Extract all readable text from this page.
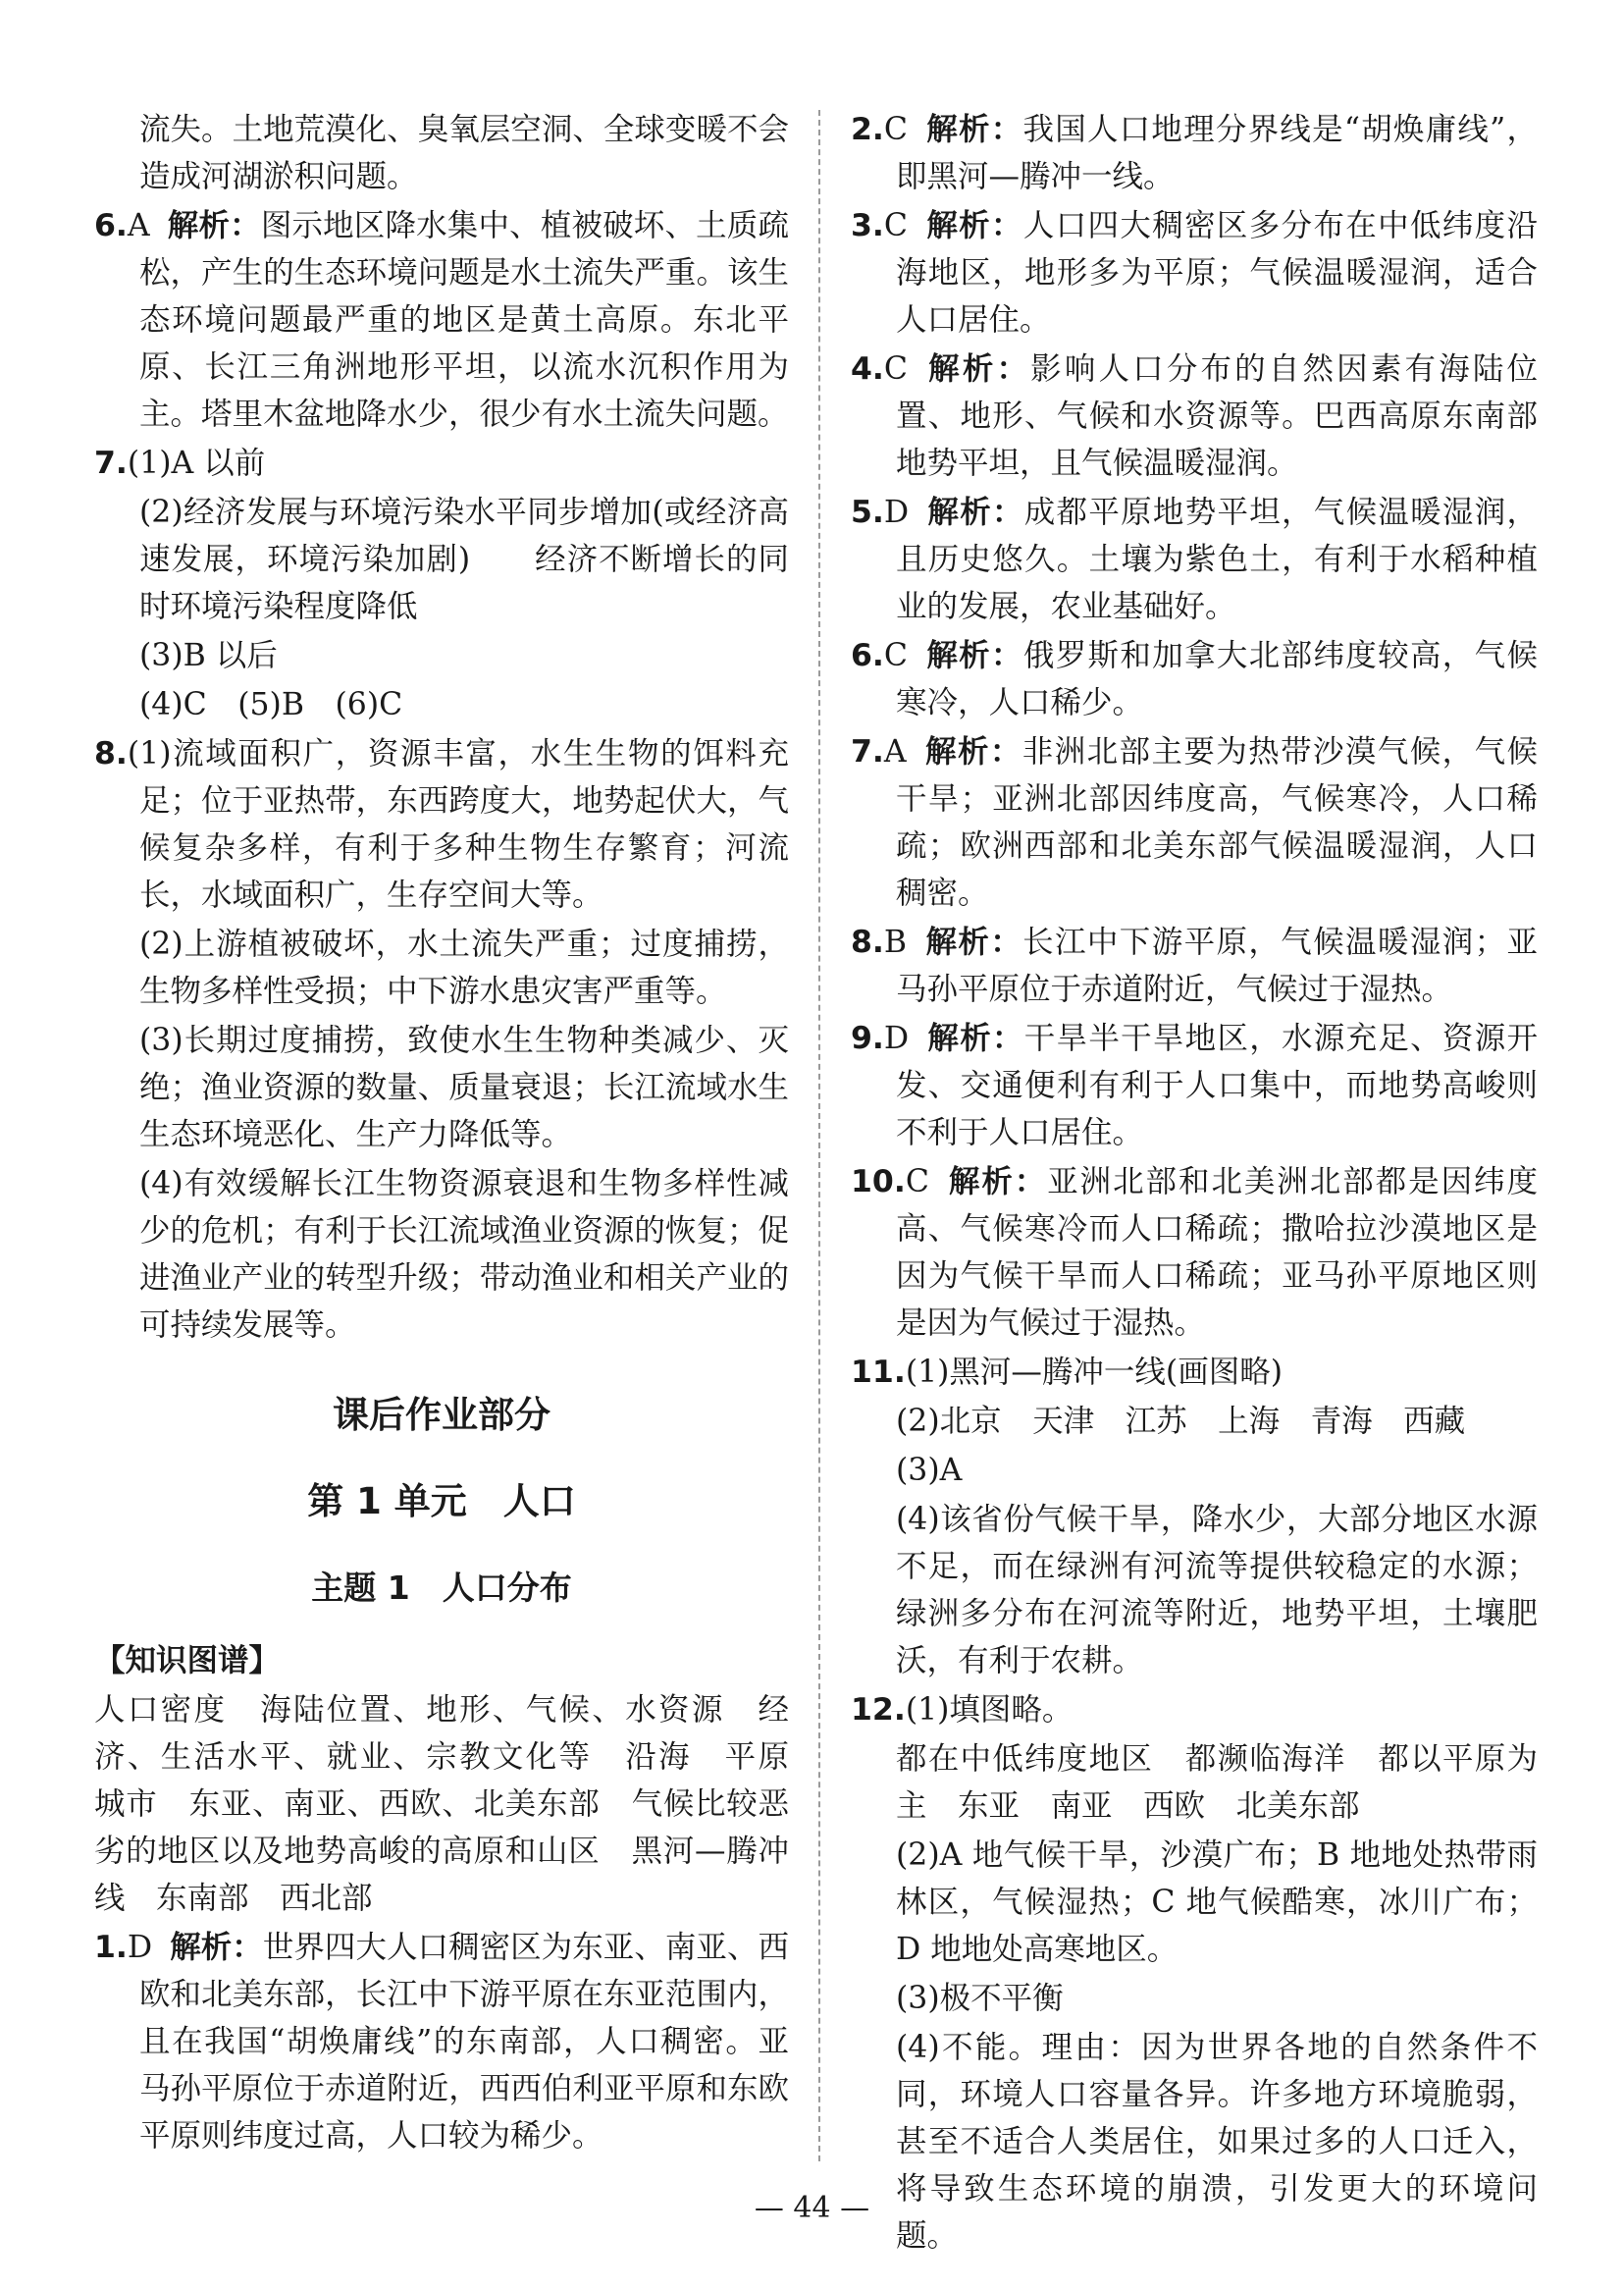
流失。土地荒漠化、臭氧层空洞、全球变暖不会造成河湖淤积问题。
6.A 解析：图示地区降水集中、植被破坏、土质疏松，产生的生态环境问题是水土流失严重。该生态环境问题最严重的地区是黄土高原。东北平原、长江三角洲地形平坦，以流水沉积作用为主。塔里木盆地降水少，很少有水土流失问题。
7.(1)A 以前
(2)经济发展与环境污染水平同步增加(或经济高速发展，环境污染加剧)　　经济不断增长的同时环境污染程度降低
(3)B 以后
(4)C　(5)B　(6)C
8.(1)流域面积广，资源丰富，水生生物的饵料充足；位于亚热带，东西跨度大，地势起伏大，气候复杂多样，有利于多种生物生存繁育；河流长，水域面积广，生存空间大等。
(2)上游植被破坏，水土流失严重；过度捕捞，生物多样性受损；中下游水患灾害严重等。
(3)长期过度捕捞，致使水生生物种类减少、灭绝；渔业资源的数量、质量衰退；长江流域水生生态环境恶化、生产力降低等。
(4)有效缓解长江生物资源衰退和生物多样性减少的危机；有利于长江流域渔业资源的恢复；促进渔业产业的转型升级；带动渔业和相关产业的可持续发展等。
课后作业部分
第 1 单元　人口
主题 1　人口分布
【知识图谱】
人口密度　海陆位置、地形、气候、水资源　经济、生活水平、就业、宗教文化等　沿海　平原　城市　东亚、南亚、西欧、北美东部　气候比较恶劣的地区以及地势高峻的高原和山区　黑河—腾冲线　东南部　西北部
1.D 解析：世界四大人口稠密区为东亚、南亚、西欧和北美东部，长江中下游平原在东亚范围内，且在我国“胡焕庸线”的东南部，人口稠密。亚马孙平原位于赤道附近，西西伯利亚平原和东欧平原则纬度过高，人口较为稀少。
2.C 解析：我国人口地理分界线是“胡焕庸线”，即黑河—腾冲一线。
3.C 解析：人口四大稠密区多分布在中低纬度沿海地区，地形多为平原；气候温暖湿润，适合人口居住。
4.C 解析：影响人口分布的自然因素有海陆位置、地形、气候和水资源等。巴西高原东南部地势平坦，且气候温暖湿润。
5.D 解析：成都平原地势平坦，气候温暖湿润，且历史悠久。土壤为紫色土，有利于水稻种植业的发展，农业基础好。
6.C 解析：俄罗斯和加拿大北部纬度较高，气候寒冷，人口稀少。
7.A 解析：非洲北部主要为热带沙漠气候，气候干旱；亚洲北部因纬度高，气候寒冷，人口稀疏；欧洲西部和北美东部气候温暖湿润，人口稠密。
8.B 解析：长江中下游平原，气候温暖湿润；亚马孙平原位于赤道附近，气候过于湿热。
9.D 解析：干旱半干旱地区，水源充足、资源开发、交通便利有利于人口集中，而地势高峻则不利于人口居住。
10.C 解析：亚洲北部和北美洲北部都是因纬度高、气候寒冷而人口稀疏；撒哈拉沙漠地区是因为气候干旱而人口稀疏；亚马孙平原地区则是因为气候过于湿热。
11.(1)黑河—腾冲一线(画图略)
(2)北京　天津　江苏　上海　青海　西藏
(3)A
(4)该省份气候干旱，降水少，大部分地区水源不足，而在绿洲有河流等提供较稳定的水源；绿洲多分布在河流等附近，地势平坦，土壤肥沃，有利于农耕。
12.(1)填图略。
都在中低纬度地区　都濒临海洋　都以平原为主　东亚　南亚　西欧　北美东部
(2)A 地气候干旱，沙漠广布；B 地地处热带雨林区，气候湿热；C 地气候酷寒，冰川广布；D 地地处高寒地区。
(3)极不平衡
(4)不能。理由：因为世界各地的自然条件不同，环境人口容量各异。许多地方环境脆弱，甚至不适合人类居住，如果过多的人口迁入，将导致生态环境的崩溃，引发更大的环境问题。
— 44 —
